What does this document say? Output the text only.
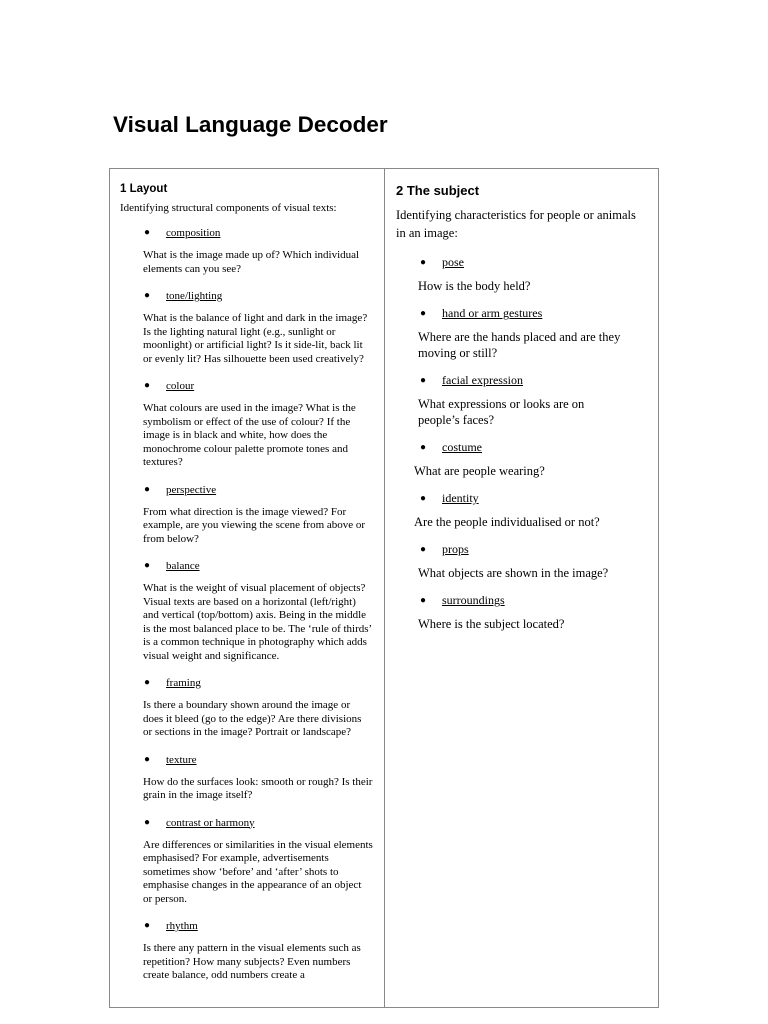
Visual Language Decoder

1 Layout

Identifying structural components of visual texts:

● composition

What is the image made up of? Which individual elements can you see?

● tone/lighting

What is the balance of light and dark in the image? Is the lighting natural light (e.g., sunlight or moonlight) or artificial light? Is it side-lit, back lit or evenly lit? Has silhouette been used creatively?

● colour

What colours are used in the image? What is the symbolism or effect of the use of colour? If the image is in black and white, how does the monochrome colour palette promote tones and textures?

● perspective

From what direction is the image viewed? For example, are you viewing the scene from above or from below?

● balance

What is the weight of visual placement of objects? Visual texts are based on a horizontal (left/right) and vertical (top/bottom) axis. Being in the middle is the most balanced place to be. The ‘rule of thirds’ is a common technique in photography which adds visual weight and significance.

● framing

Is there a boundary shown around the image or does it bleed (go to the edge)? Are there divisions or sections in the image? Portrait or landscape?

● texture

How do the surfaces look: smooth or rough? Is their grain in the image itself?

● contrast or harmony

Are differences or similarities in the visual elements emphasised? For example, advertisements sometimes show ‘before’ and ‘after’ shots to emphasise changes in the appearance of an object or person.

● rhythm

Is there any pattern in the visual elements such as repetition? How many subjects? Even numbers create balance, odd numbers create a

2 The subject

Identifying characteristics for people or animals in an image:

● pose

How is the body held?

● hand or arm gestures

Where are the hands placed and are they moving or still?

● facial expression

What expressions or looks are on people’s faces?

● costume

What are people wearing?

● identity

Are the people individualised or not?

● props

What objects are shown in the image?

● surroundings

Where is the subject located?
